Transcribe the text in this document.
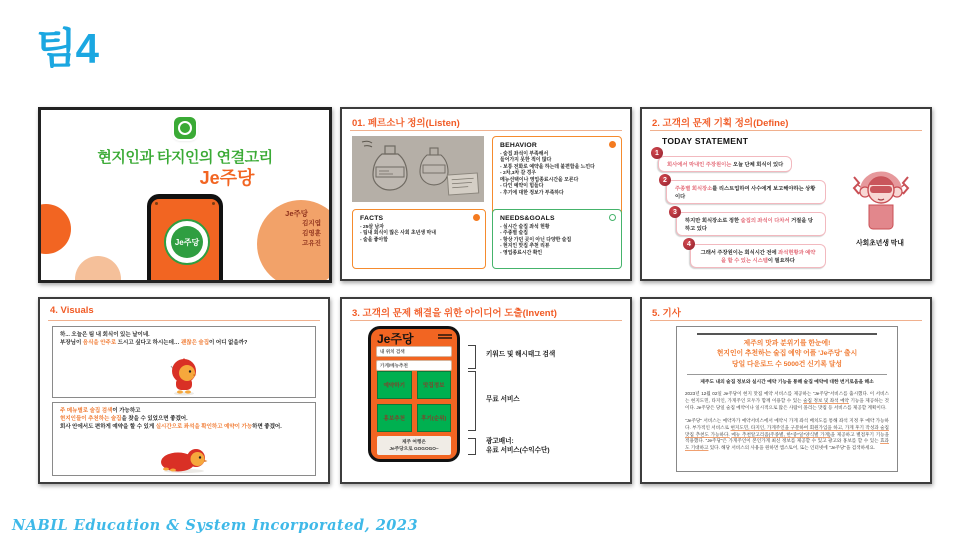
팀4
현지인과 타지인의 연결고리
Je주당
Je주당
Je주당
김지엽
김영훈
고유진
01. 페르소나 정의(Listen)
BEHAVIOR
- 술집 좌석이 부족해서
들어가지 못한 적이 많다
- 보통 전화로 예약을 하는데 불편함을 느낀다
- 2차,3차 갈 경우
메뉴선택이나 영업종료시간을 모른다
- 다인 예약이 힘들다
- 후기에 대한 정보가 부족하다
FACTS
- 25살 남자
- 팀내 회식이 많은 사회 초년생 막내
- 술을 좋아함
NEEDS&GOALS
- 실시간 술집 좌석 현황
- 주종별 술집
- 항상 가던 곳이 아닌 다양한 술집
- 현지인 맛집 추천 리뷰
- 영업종료시간 확인
2. 고객의 문제 기획 정의(Define)
TODAY STATEMENT
1
회사에서 막내인 주장원이는 오늘 단체 회식이 있다
2
주종별 회식장소를 리스트업하여 사수에게 보고해야하는 상황이다
3
하지만 회식장소로 정한 술집의 좌석이 다차서 거절을 당하고 있다
4
그래서 주장원이는 회식시간 전에 좌석현황과 예약을 할 수 있는 시스템이 필요하다
사회초년생 막내
4. Visuals
하... 오늘은 팀 내 회식이 있는 날이네.
부장님이 음식을 안주로 드시고 싶다고 하시는데… 괜찮은 술집이 어디 없을까?
주 메뉴별로 술집 검색이 가능하고
현지인들이 추천하는 술집을 찾을 수 있었으면 좋겠어.
회사 안에서도 편하게 예약을 할 수 있게 실시간으로 좌석을 확인하고 예약이 가능하면 좋겠어.
3. 고객의 문제 해결을 위한 아이디어 도출(Invent)
Je주당
내 위치 검색
가게/메뉴추천
예약하기	맛집정보
홍보추천	후기(순위)
제주 여행은
Je주당으로 GOGOGO~
키워드 및 해시태그 검색
무료 서비스
광고배너:
유료 서비스(수익수단)
5. 기사
제주의 맛과 분위기를 한눈에!
현지인이 추천하는 술집 예약 어플 'Je주당' 출시
당일 다운로드 수 5000건 신기록 달성
제주도 내의 술집 정보와 실시간 예약 기능을 통해 술집 예약에 대한 번거로움을 해소
2023년 12월 02일 Je주당이 현지 맛집 예약 서비스를 제공하는 "Je주당"서비스를 출시했다. 이 서비스는 현지도민, 타지인, 가게주인 모두가 함께 이용할 수 있는 술집 정보 및 좌석 예약 기능을 제공하는 것이다. Je주당은 당일 술집 예약이나 일시적으로 많은 사람이 몰리는 맛집 등 서비스를 제공할 계획이다.
"Je주당" 서비스는 예약자가 예약서비스에서 예약시 가게 좌석 배치도를 통해 좌석 지정 후 예약 가능하다. 부가적인 서비스로 현지도민, 타지인, 가게주인을 구분하여 회원가입을 하고, 가게 후기 작성과 술집 맛집 추천도 가능하다. 메뉴 추천알고리즘(주종별, 한*중*일*양식별 가게)을 제공하고 별점후기 기능을 적용했다. "Je주당"은 가게주인이 본인가게 최신 정보를 제공할 수 있고 광고와 홍보를 할 수 있는 효과도 기대하고 있다. 해당 서비스의 사용을 원하면 앱스토어, 또는 인터넷에 "Je주당"을 검색하세요.
NABIL Education & System Incorporated, 2023
